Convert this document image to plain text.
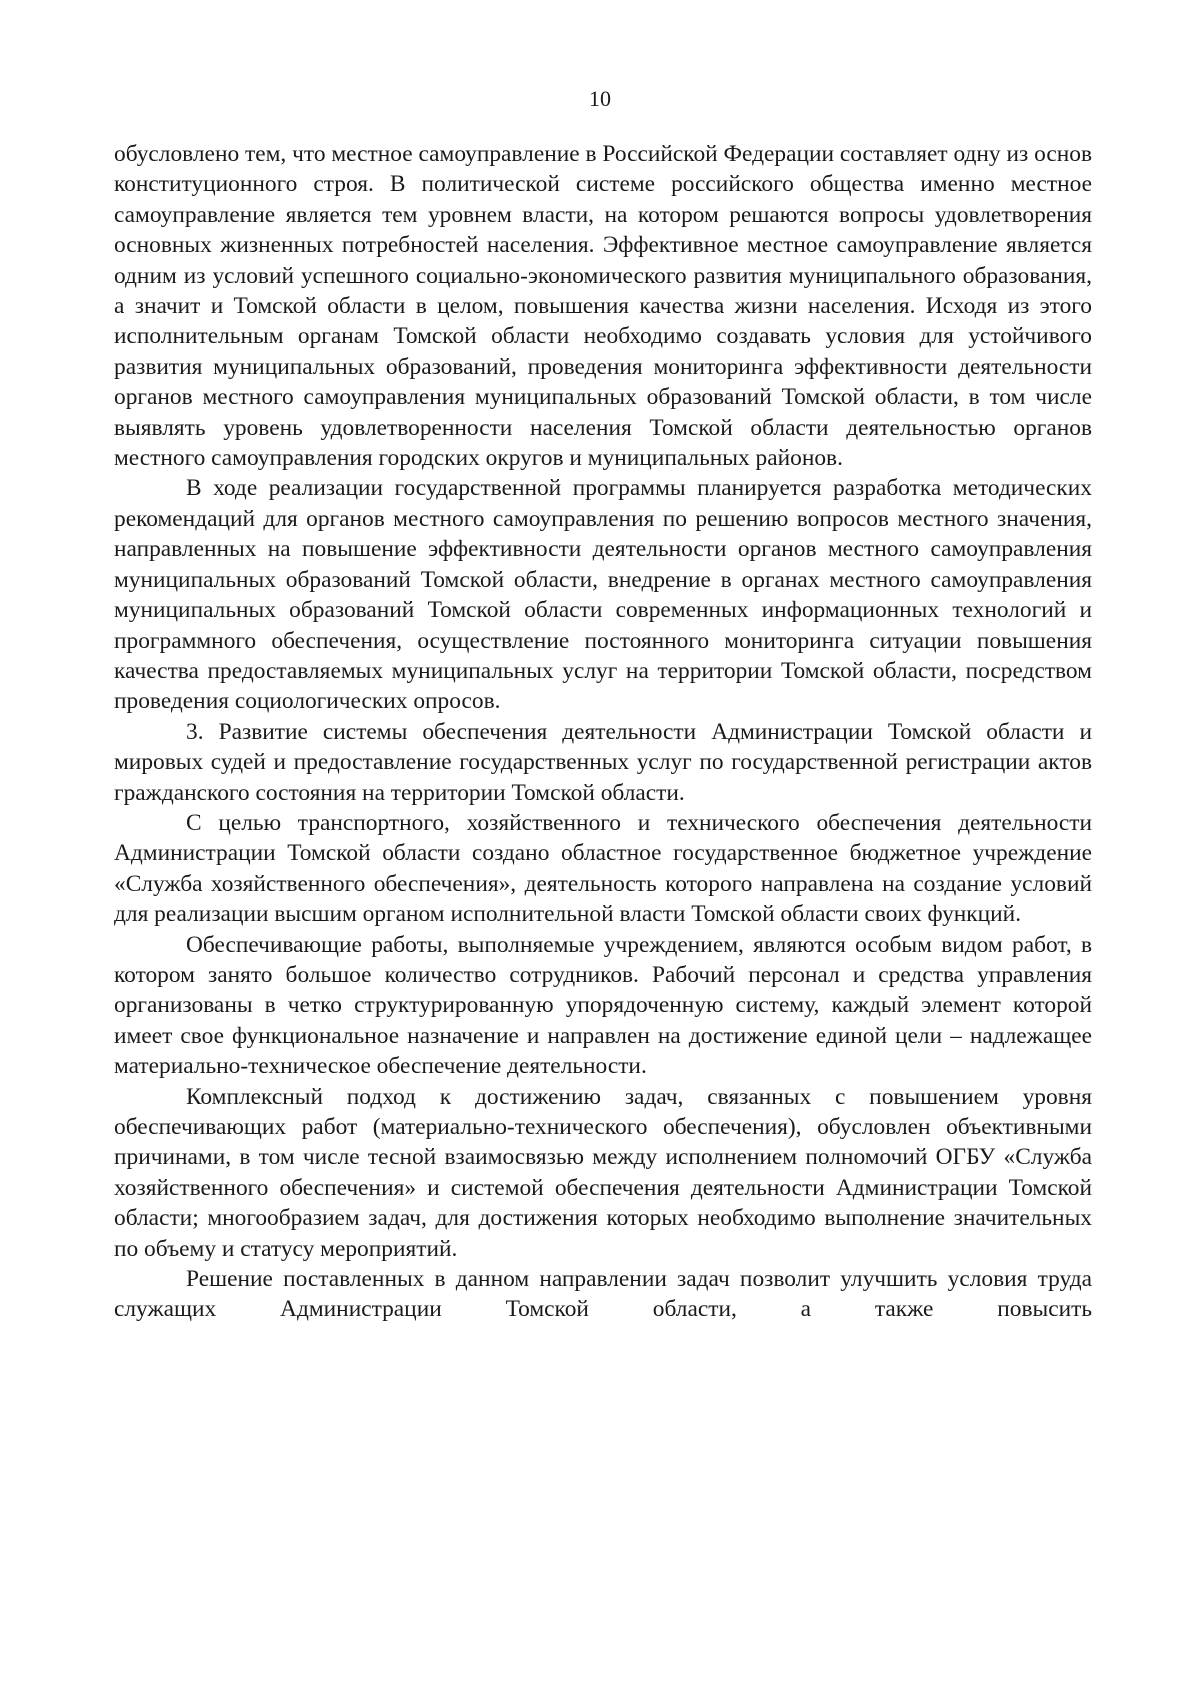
10

обусловлено тем, что местное самоуправление в Российской Федерации составляет одну из основ конституционного строя. В политической системе российского общества именно местное самоуправление является тем уровнем власти, на котором решаются вопросы удовлетворения основных жизненных потребностей населения. Эффективное местное самоуправление является одним из условий успешного социально-экономического развития муниципального образования, а значит и Томской области в целом, повышения качества жизни населения. Исходя из этого исполнительным органам Томской области необходимо создавать условия для устойчивого развития муниципальных образований, проведения мониторинга эффективности деятельности органов местного самоуправления муниципальных образований Томской области, в том числе выявлять уровень удовлетворенности населения Томской области деятельностью органов местного самоуправления городских округов и муниципальных районов.

В ходе реализации государственной программы планируется разработка методических рекомендаций для органов местного самоуправления по решению вопросов местного значения, направленных на повышение эффективности деятельности органов местного самоуправления муниципальных образований Томской области, внедрение в органах местного самоуправления муниципальных образований Томской области современных информационных технологий и программного обеспечения, осуществление постоянного мониторинга ситуации повышения качества предоставляемых муниципальных услуг на территории Томской области, посредством проведения социологических опросов.

3. Развитие системы обеспечения деятельности Администрации Томской области и мировых судей и предоставление государственных услуг по государственной регистрации актов гражданского состояния на территории Томской области.

С целью транспортного, хозяйственного и технического обеспечения деятельности Администрации Томской области создано областное государственное бюджетное учреждение «Служба хозяйственного обеспечения», деятельность которого направлена на создание условий для реализации высшим органом исполнительной власти Томской области своих функций.

Обеспечивающие работы, выполняемые учреждением, являются особым видом работ, в котором занято большое количество сотрудников. Рабочий персонал и средства управления организованы в четко структурированную упорядоченную систему, каждый элемент которой имеет свое функциональное назначение и направлен на достижение единой цели – надлежащее материально-техническое обеспечение деятельности.

Комплексный подход к достижению задач, связанных с повышением уровня обеспечивающих работ (материально-технического обеспечения), обусловлен объективными причинами, в том числе тесной взаимосвязью между исполнением полномочий ОГБУ «Служба хозяйственного обеспечения» и системой обеспечения деятельности Администрации Томской области; многообразием задач, для достижения которых необходимо выполнение значительных по объему и статусу мероприятий.

Решение поставленных в данном направлении задач позволит улучшить условия труда служащих Администрации Томской области, а также повысить
